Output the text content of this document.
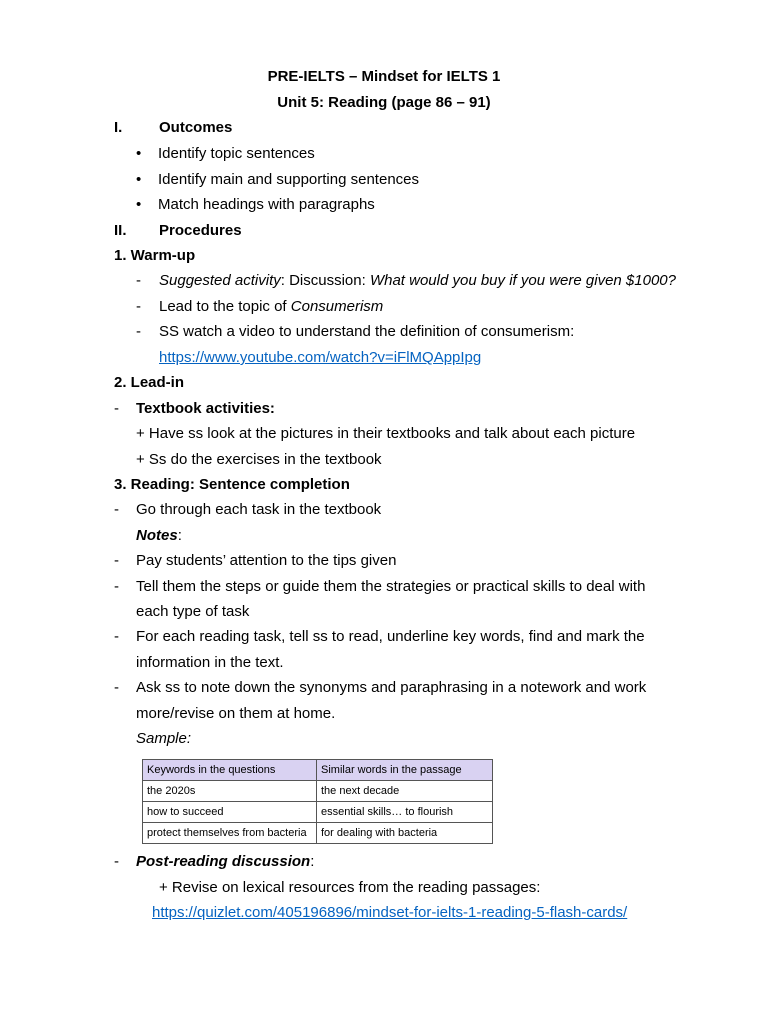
PRE-IELTS – Mindset for IELTS 1
Unit 5: Reading (page 86 – 91)
I. Outcomes
• Identify topic sentences
• Identify main and supporting sentences
• Match headings with paragraphs
II. Procedures
1. Warm-up
- Suggested activity: Discussion: What would you buy if you were given $1000?
- Lead to the topic of Consumerism
- SS watch a video to understand the definition of consumerism:
https://www.youtube.com/watch?v=iFlMQAppIpg
2. Lead-in
- Textbook activities:
+ Have ss look at the pictures in their textbooks and talk about each picture
+ Ss do the exercises in the textbook
3. Reading: Sentence completion
- Go through each task in the textbook
Notes:
- Pay students’ attention to the tips given
- Tell them the steps or guide them the strategies or practical skills to deal with
each type of task
- For each reading task, tell ss to read, underline key words, find and mark the
information in the text.
- Ask ss to note down the synonyms and paraphrasing in a notework and work
more/revise on them at home.
Sample:
Keywords in the questions	Similar words in the passage
the 2020s	the next decade
how to succeed	essential skills… to flourish
protect themselves from bacteria	for dealing with bacteria
- Post-reading discussion:
+ Revise on lexical resources from the reading passages:
https://quizlet.com/405196896/mindset-for-ielts-1-reading-5-flash-cards/
